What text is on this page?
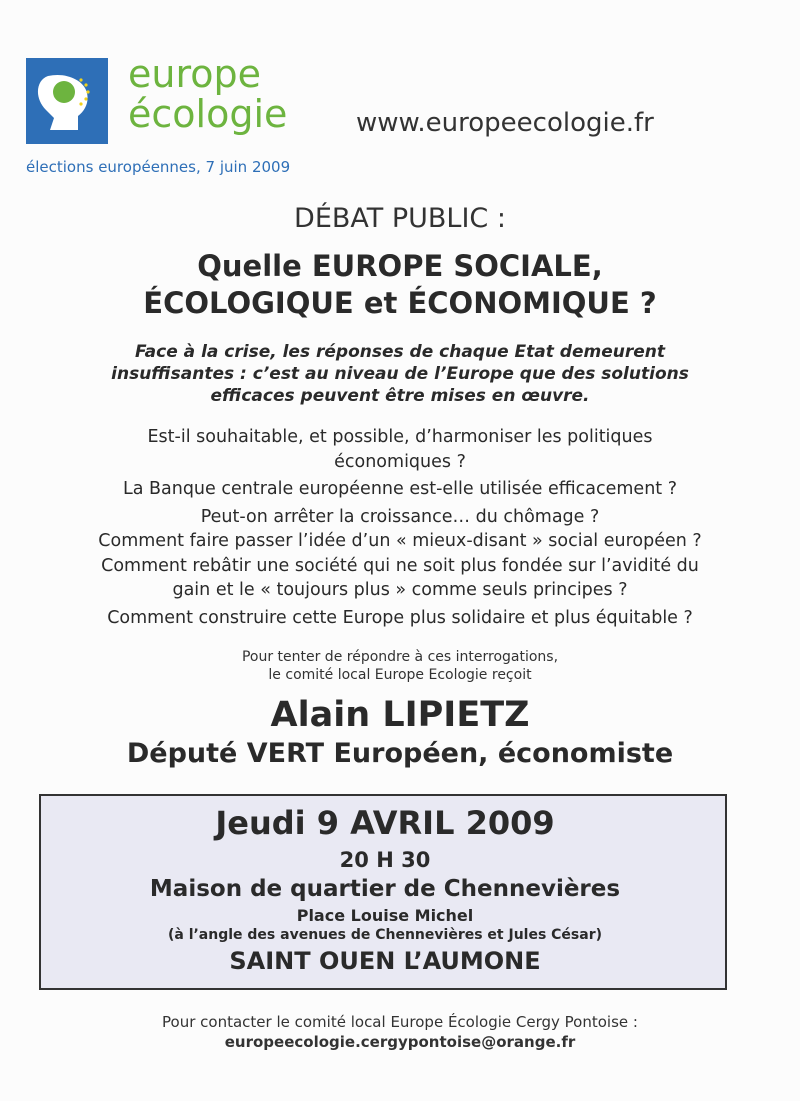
europe
écologie
élections européennes, 7 juin 2009
www.europeecologie.fr
DÉBAT PUBLIC :
Quelle EUROPE SOCIALE,
ÉCOLOGIQUE et ÉCONOMIQUE ?
Face à la crise, les réponses de chaque Etat demeurent
insuffisantes : c’est au niveau de l’Europe que des solutions
efficaces peuvent être mises en œuvre.
Est-il souhaitable, et possible, d’harmoniser les politiques
économiques ?
La Banque centrale européenne est-elle utilisée efficacement ?
Peut-on arrêter la croissance… du chômage ?
Comment faire passer l’idée d’un « mieux-disant » social européen ?
Comment rebâtir une société qui ne soit plus fondée sur l’avidité du
gain et le « toujours plus » comme seuls principes ?
Comment construire cette Europe plus solidaire et plus équitable ?
Pour tenter de répondre à ces interrogations,
le comité local Europe Ecologie reçoit
Alain LIPIETZ
Député VERT Européen, économiste
Jeudi 9 AVRIL 2009
20 H 30
Maison de quartier de Chennevières
Place Louise Michel
(à l’angle des avenues de Chennevières et Jules César)
SAINT OUEN L’AUMONE
Pour contacter le comité local Europe Écologie Cergy Pontoise :
europeecologie.cergypontoise@orange.fr
